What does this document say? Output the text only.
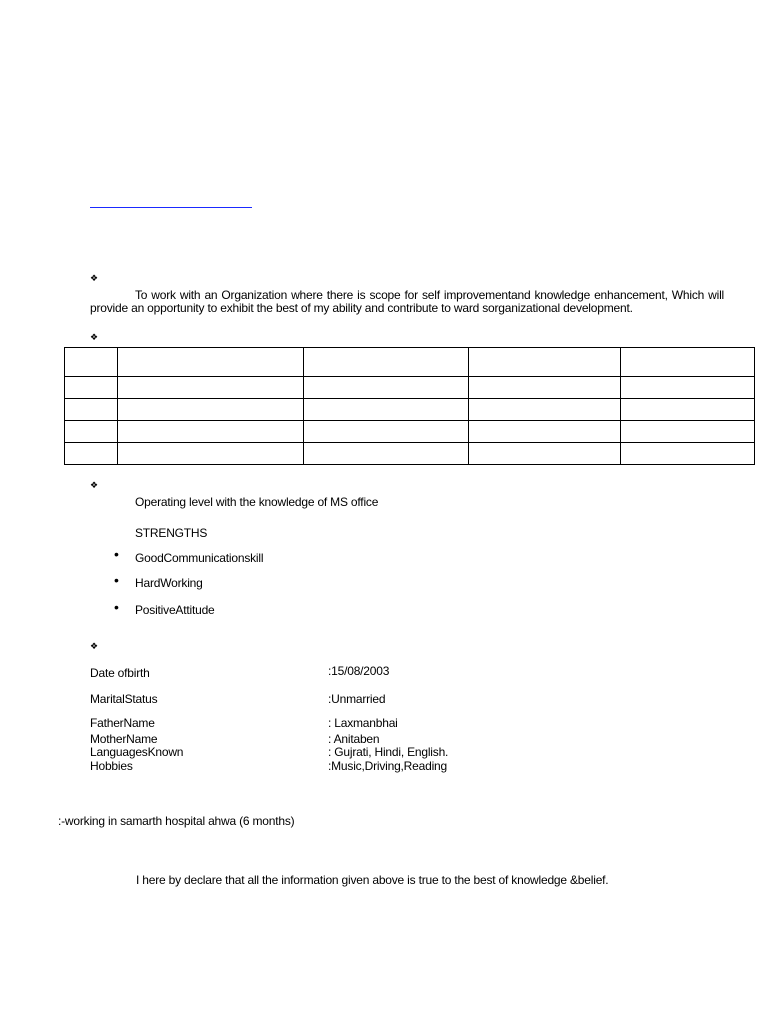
❖
To work with an Organization where there is scope for self improvementand knowledge enhancement, Which will provide an opportunity to exhibit the best of my ability and contribute to ward sorganizational development.
❖

❖
Operating level with the knowledge of MS office
STRENGTHS
• GoodCommunicationskill
• HardWorking
• PositiveAttitude
❖
Date ofbirth	:15/08/2003
MaritalStatus	:Unmarried
FatherName	: Laxmanbhai
MotherName	: Anitaben
LanguagesKnown	: Gujrati, Hindi, English.
Hobbies	:Music,Driving,Reading
:-working in samarth hospital ahwa (6 months)
I here by declare that all the information given above is true to the best of knowledge &belief.
